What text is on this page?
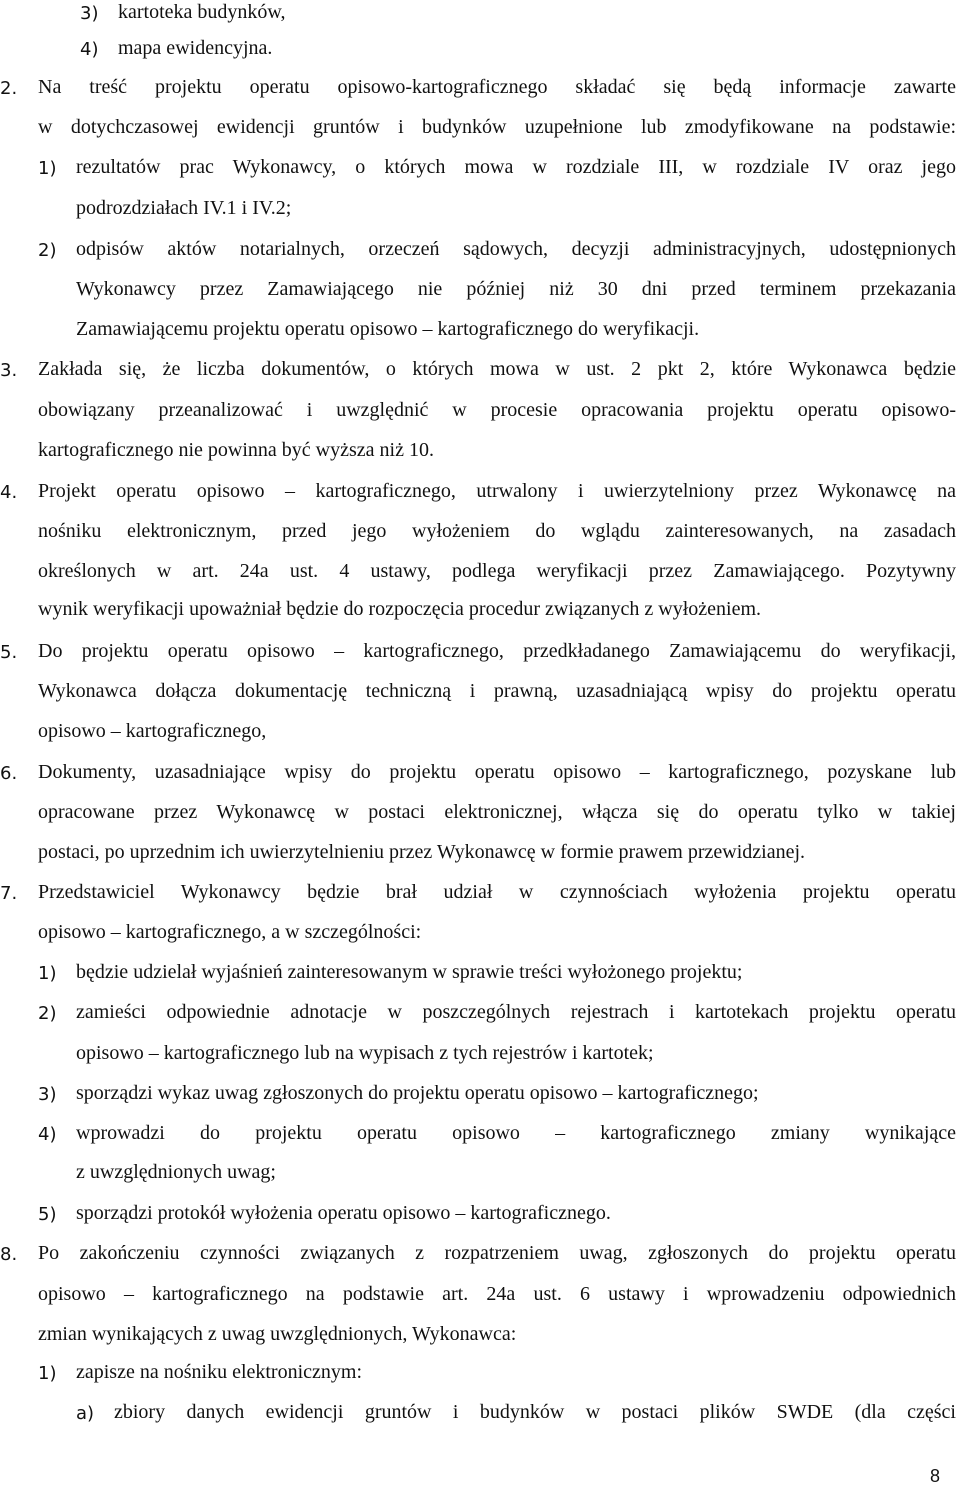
3) kartoteka budynków,
4) mapa ewidencyjna.
2. Na treść projektu operatu opisowo-kartograficznego składać się będą informacje zawarte
w dotychczasowej ewidencji gruntów i budynków uzupełnione lub zmodyfikowane na podstawie:
1) rezultatów prac Wykonawcy, o których mowa w rozdziale III, w rozdziale IV oraz jego
podrozdziałach IV.1 i IV.2;
2) odpisów aktów notarialnych, orzeczeń sądowych, decyzji administracyjnych, udostępnionych
Wykonawcy przez Zamawiającego nie później niż 30 dni przed terminem przekazania
Zamawiającemu projektu operatu opisowo – kartograficznego do weryfikacji.
3. Zakłada się, że liczba dokumentów, o których mowa w ust. 2 pkt 2, które Wykonawca będzie
obowiązany przeanalizować i uwzględnić w procesie opracowania projektu operatu opisowo-
kartograficznego nie powinna być wyższa niż 10.
4. Projekt operatu opisowo – kartograficznego, utrwalony i uwierzytelniony przez Wykonawcę na
nośniku elektronicznym, przed jego wyłożeniem do wglądu zainteresowanych, na zasadach
określonych w art. 24a ust. 4 ustawy, podlega weryfikacji przez Zamawiającego. Pozytywny
wynik weryfikacji upoważniał będzie do rozpoczęcia procedur związanych z wyłożeniem.
5. Do projektu operatu opisowo – kartograficznego, przedkładanego Zamawiającemu do weryfikacji,
Wykonawca dołącza dokumentację techniczną i prawną, uzasadniającą wpisy do projektu operatu
opisowo – kartograficznego,
6. Dokumenty, uzasadniające wpisy do projektu operatu opisowo – kartograficznego, pozyskane lub
opracowane przez Wykonawcę w postaci elektronicznej, włącza się do operatu tylko w takiej
postaci, po uprzednim ich uwierzytelnieniu przez Wykonawcę w formie prawem przewidzianej.
7. Przedstawiciel Wykonawcy będzie brał udział w czynnościach wyłożenia projektu operatu
opisowo – kartograficznego, a w szczególności:
1) będzie udzielał wyjaśnień zainteresowanym w sprawie treści wyłożonego projektu;
2) zamieści odpowiednie adnotacje w poszczególnych rejestrach i kartotekach projektu operatu
opisowo – kartograficznego lub na wypisach z tych rejestrów i kartotek;
3) sporządzi wykaz uwag zgłoszonych do projektu operatu opisowo – kartograficznego;
4) wprowadzi do projektu operatu opisowo – kartograficznego zmiany wynikające
z uwzględnionych uwag;
5) sporządzi protokół wyłożenia operatu opisowo – kartograficznego.
8. Po zakończeniu czynności związanych z rozpatrzeniem uwag, zgłoszonych do projektu operatu
opisowo – kartograficznego na podstawie art. 24a ust. 6 ustawy i wprowadzeniu odpowiednich
zmian wynikających z uwag uwzględnionych, Wykonawca:
1) zapisze na nośniku elektronicznym:
a) zbiory danych ewidencji gruntów i budynków w postaci plików SWDE (dla części
8
